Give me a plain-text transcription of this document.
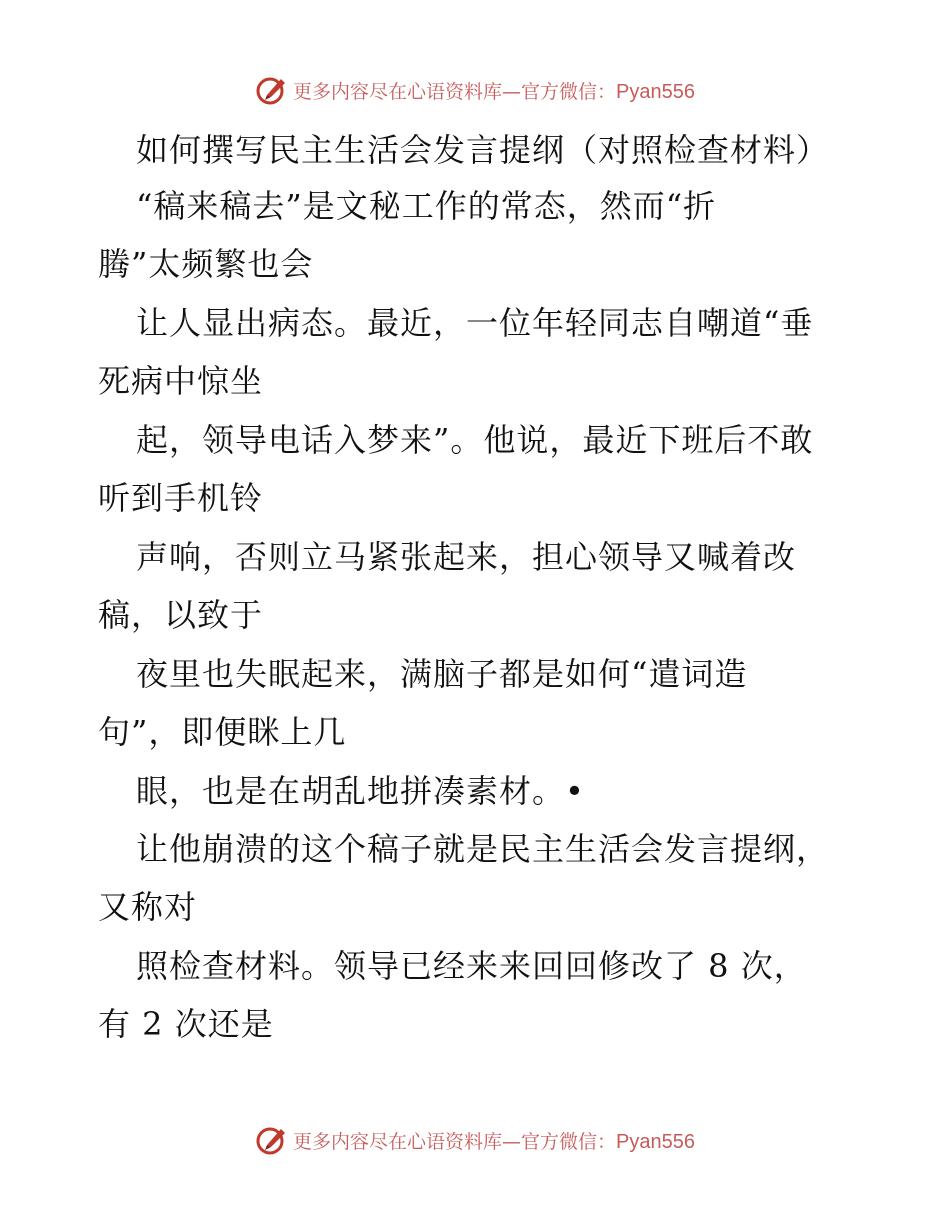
更多内容尽在心语资料库—官方微信：Pyan556
如何撰写民主生活会发言提纲（对照检查材料）
“稿来稿去”是文秘工作的常态，然而“折
腾”太频繁也会
让人显出病态。最近，一位年轻同志自嘲道“垂
死病中惊坐
起，领导电话入梦来”。他说，最近下班后不敢
听到手机铃
声响，否则立马紧张起来，担心领导又喊着改
稿，以致于
夜里也失眠起来，满脑子都是如何“遣词造
句”，即便眯上几
眼，也是在胡乱地拼凑素材。•
让他崩溃的这个稿子就是民主生活会发言提纲，
又称对
照检查材料。领导已经来来回回修改了 8 次，
有 2 次还是
更多内容尽在心语资料库—官方微信：Pyan556
